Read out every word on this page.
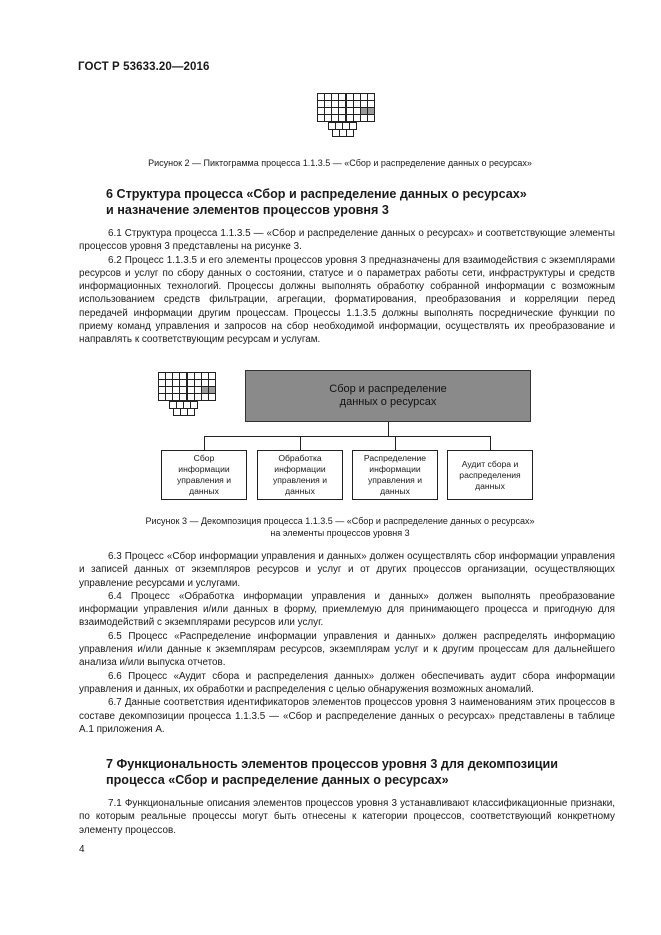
ГОСТ Р 53633.20—2016
Рисунок 2 — Пиктограмма процесса 1.1.3.5 — «Сбор и распределение данных о ресурсах»
6 Структура процесса «Сбор и распределение данных о ресурсах»
и назначение элементов процессов уровня 3

6.1 Структура процесса 1.1.3.5 — «Сбор и распределение данных о ресурсах» и соответствующие элементы процессов уровня 3 представлены на рисунке 3.

6.2 Процесс 1.1.3.5 и его элементы процессов уровня 3 предназначены для взаимодействия с экземплярами ресурсов и услуг по сбору данных о состоянии, статусе и о параметрах работы сети, инфраструктуры и средств информационных технологий. Процессы должны выполнять обработку собранной информации с возможным использованием средств фильтрации, агрегации, форматирования, преобразования и корреляции перед передачей информации другим процессам. Процессы 1.1.3.5 должны выполнять посреднические функции по приему команд управления и запросов на сбор необходимой информации, осуществлять их преобразование и направлять к соответствующим ресурсам и услугам.

Сбор и распределение данных о ресурсах
Сбор информации управления и данных
Обработка информации управления и данных
Распределение информации управления и данных
Аудит сбора и распределения данных
Рисунок 3 — Декомпозиция процесса 1.1.3.5 — «Сбор и распределение данных о ресурсах»
на элементы процессов уровня 3

6.3 Процесс «Сбор информации управления и данных» должен осуществлять сбор информации управления и записей данных от экземпляров ресурсов и услуг и от других процессов организации, осуществляющих управление ресурсами и услугами.

6.4 Процесс «Обработка информации управления и данных» должен выполнять преобразование информации управления и/или данных в форму, приемлемую для принимающего процесса и пригодную для взаимодействий с экземплярами ресурсов или услуг.

6.5 Процесс «Распределение информации управления и данных» должен распределять информацию управления и/или данные к экземплярам ресурсов, экземплярам услуг и к другим процессам для дальнейшего анализа и/или выпуска отчетов.

6.6 Процесс «Аудит сбора и распределения данных» должен обеспечивать аудит сбора информации управления и данных, их обработки и распределения с целью обнаружения возможных аномалий.

6.7 Данные соответствия идентификаторов элементов процессов уровня 3 наименованиям этих процессов в составе декомпозиции процесса 1.1.3.5 — «Сбор и распределение данных о ресурсах» представлены в таблице А.1 приложения А.

7 Функциональность элементов процессов уровня 3 для декомпозиции
процесса «Сбор и распределение данных о ресурсах»

7.1 Функциональные описания элементов процессов уровня 3 устанавливают классификационные признаки, по которым реальные процессы могут быть отнесены к категории процессов, соответствующий конкретному элементу процессов.

4
